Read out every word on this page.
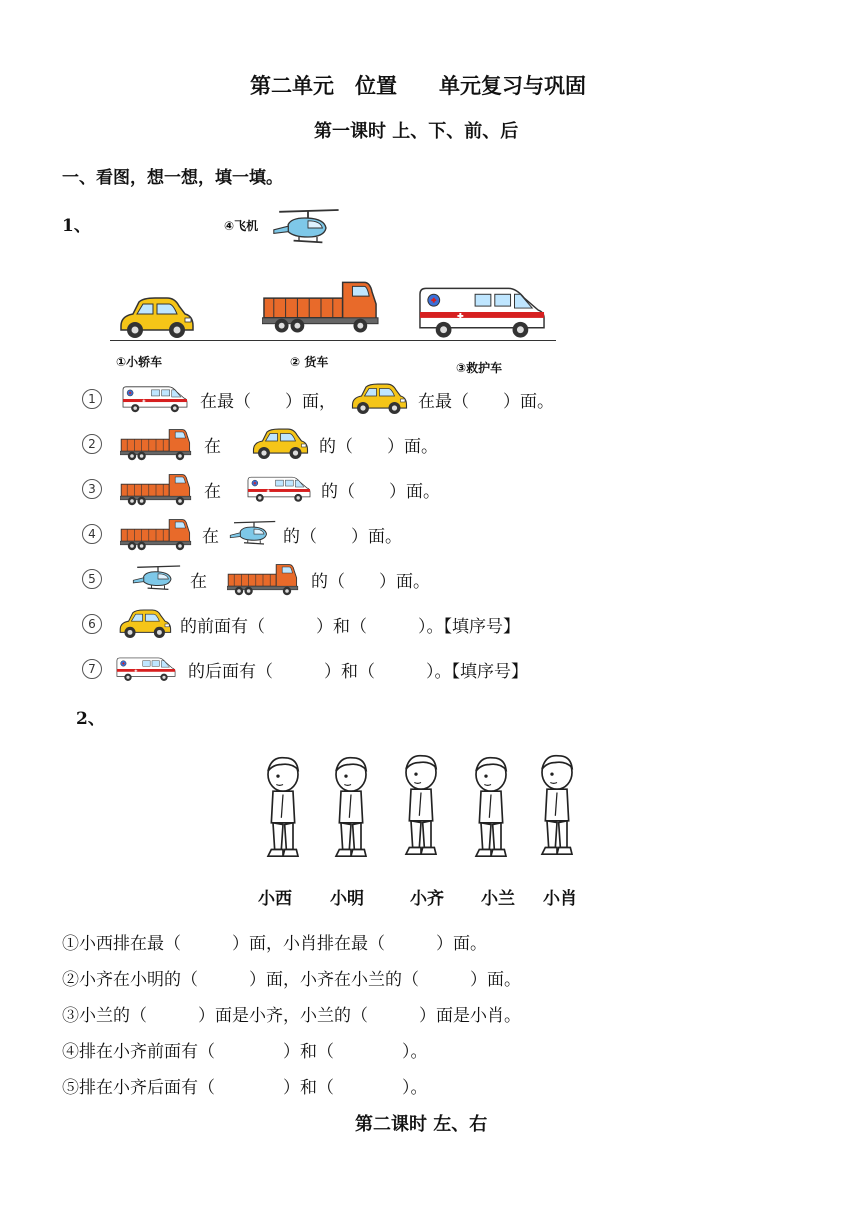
第二单元　位置　　单元复习与巩固
第一课时 上、下、前、后
一、看图，想一想，填一填。
1、	④飞机
①小轿车	② 货车	③救护车
1	在最（　　）面，	在最（　　）面。
2	在	的（　　）面。
3	在	的（　　）面。
4	在	的（　　）面。
5	在	的（　　）面。
6	的前面有（　　　）和（　　　）。【填序号】
7	的后面有（　　　）和（　　　）。【填序号】
2、
小西 小明	小齐 小兰 小肖
①小西排在最（　　　）面，小肖排在最（　　　）面。
②小齐在小明的（　　　）面，小齐在小兰的（　　　）面。
③小兰的（　　　）面是小齐，小兰的（　　　）面是小肖。
④排在小齐前面有（　　　　）和（　　　　）。
⑤排在小齐后面有（　　　　）和（　　　　）。
第二课时 左、右
